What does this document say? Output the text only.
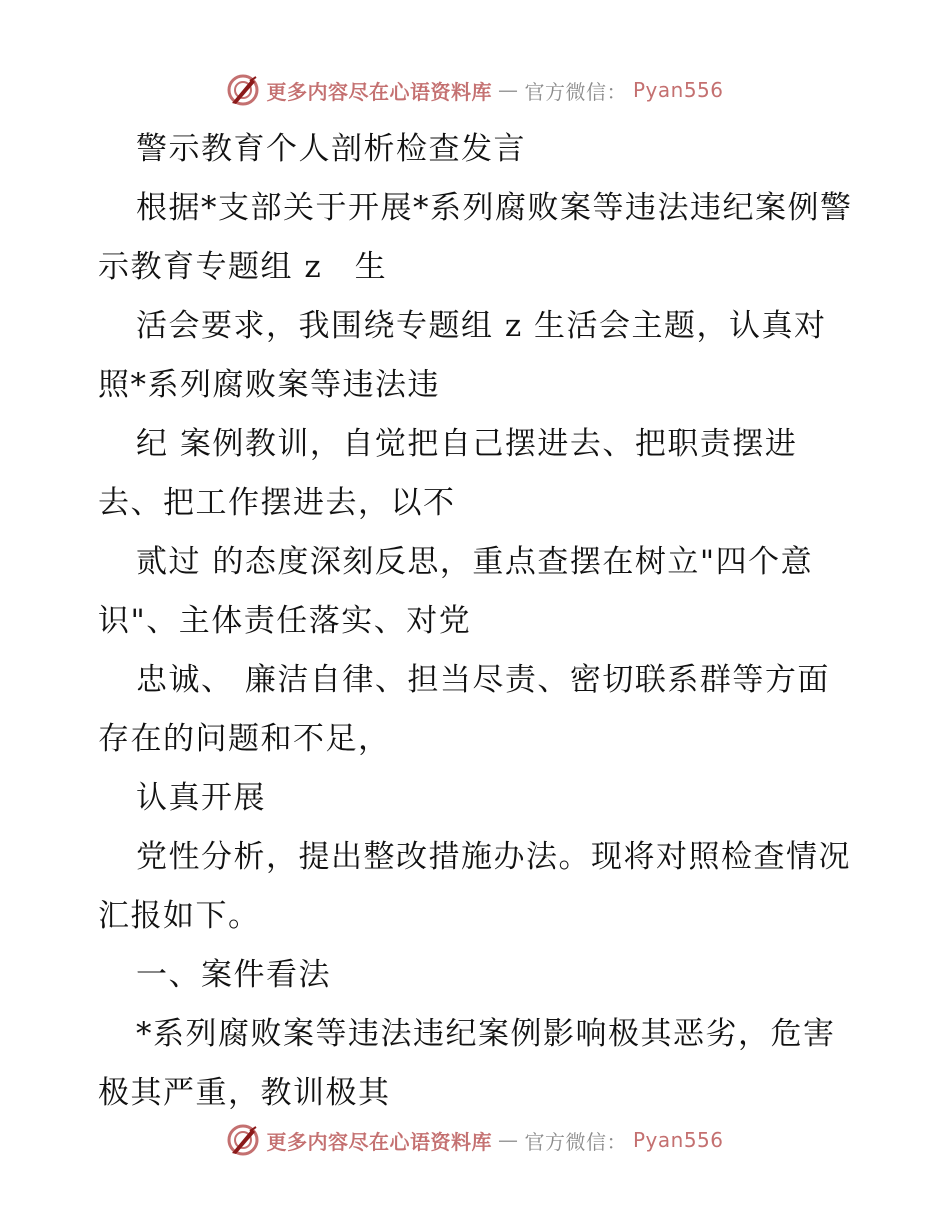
更多内容尽在心语资料库 — 官方微信： Pyan556

警示教育个人剖析检查发言

根据*支部关于开展*系列腐败案等违法违纪案例警示教育专题组 z　生

活会要求，我围绕专题组 z 生活会主题，认真对照*系列腐败案等违法违

纪 案例教训，自觉把自己摆进去、把职责摆进去、把工作摆进去，以不

贰过 的态度深刻反思，重点查摆在树立"四个意识"、主体责任落实、对党

忠诚、 廉洁自律、担当尽责、密切联系群等方面存在的问题和不足，

认真开展

党性分析，提出整改措施办法。现将对照检查情况汇报如下。

一、案件看法

*系列腐败案等违法违纪案例影响极其恶劣，危害极其严重，教训极其

更多内容尽在心语资料库 — 官方微信： Pyan556
